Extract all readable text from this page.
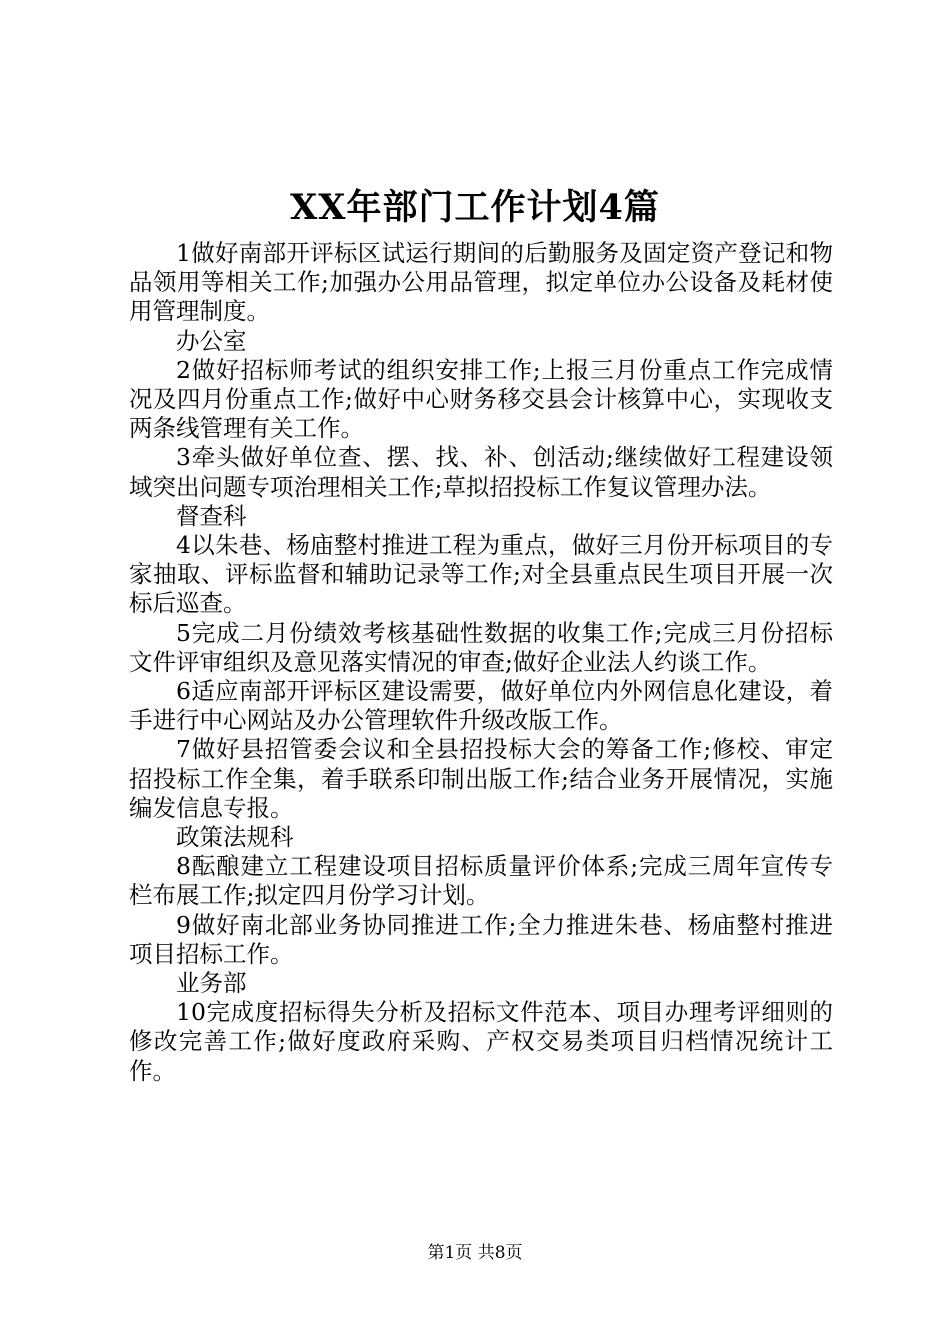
XX年部门工作计划4篇

1做好南部开评标区试运行期间的后勤服务及固定资产登记和物品领用等相关工作;加强办公用品管理，拟定单位办公设备及耗材使用管理制度。

办公室

2做好招标师考试的组织安排工作;上报三月份重点工作完成情况及四月份重点工作;做好中心财务移交县会计核算中心，实现收支两条线管理有关工作。

3牵头做好单位查、摆、找、补、创活动;继续做好工程建设领域突出问题专项治理相关工作;草拟招投标工作复议管理办法。

督查科

4以朱巷、杨庙整村推进工程为重点，做好三月份开标项目的专家抽取、评标监督和辅助记录等工作;对全县重点民生项目开展一次标后巡查。

5完成二月份绩效考核基础性数据的收集工作;完成三月份招标文件评审组织及意见落实情况的审查;做好企业法人约谈工作。

6适应南部开评标区建设需要，做好单位内外网信息化建设，着手进行中心网站及办公管理软件升级改版工作。

7做好县招管委会议和全县招投标大会的筹备工作;修校、审定招投标工作全集，着手联系印制出版工作;结合业务开展情况，实施编发信息专报。

政策法规科

8酝酿建立工程建设项目招标质量评价体系;完成三周年宣传专栏布展工作;拟定四月份学习计划。

9做好南北部业务协同推进工作;全力推进朱巷、杨庙整村推进项目招标工作。

业务部

10完成度招标得失分析及招标文件范本、项目办理考评细则的修改完善工作;做好度政府采购、产权交易类项目归档情况统计工作。

第1页 共8页
